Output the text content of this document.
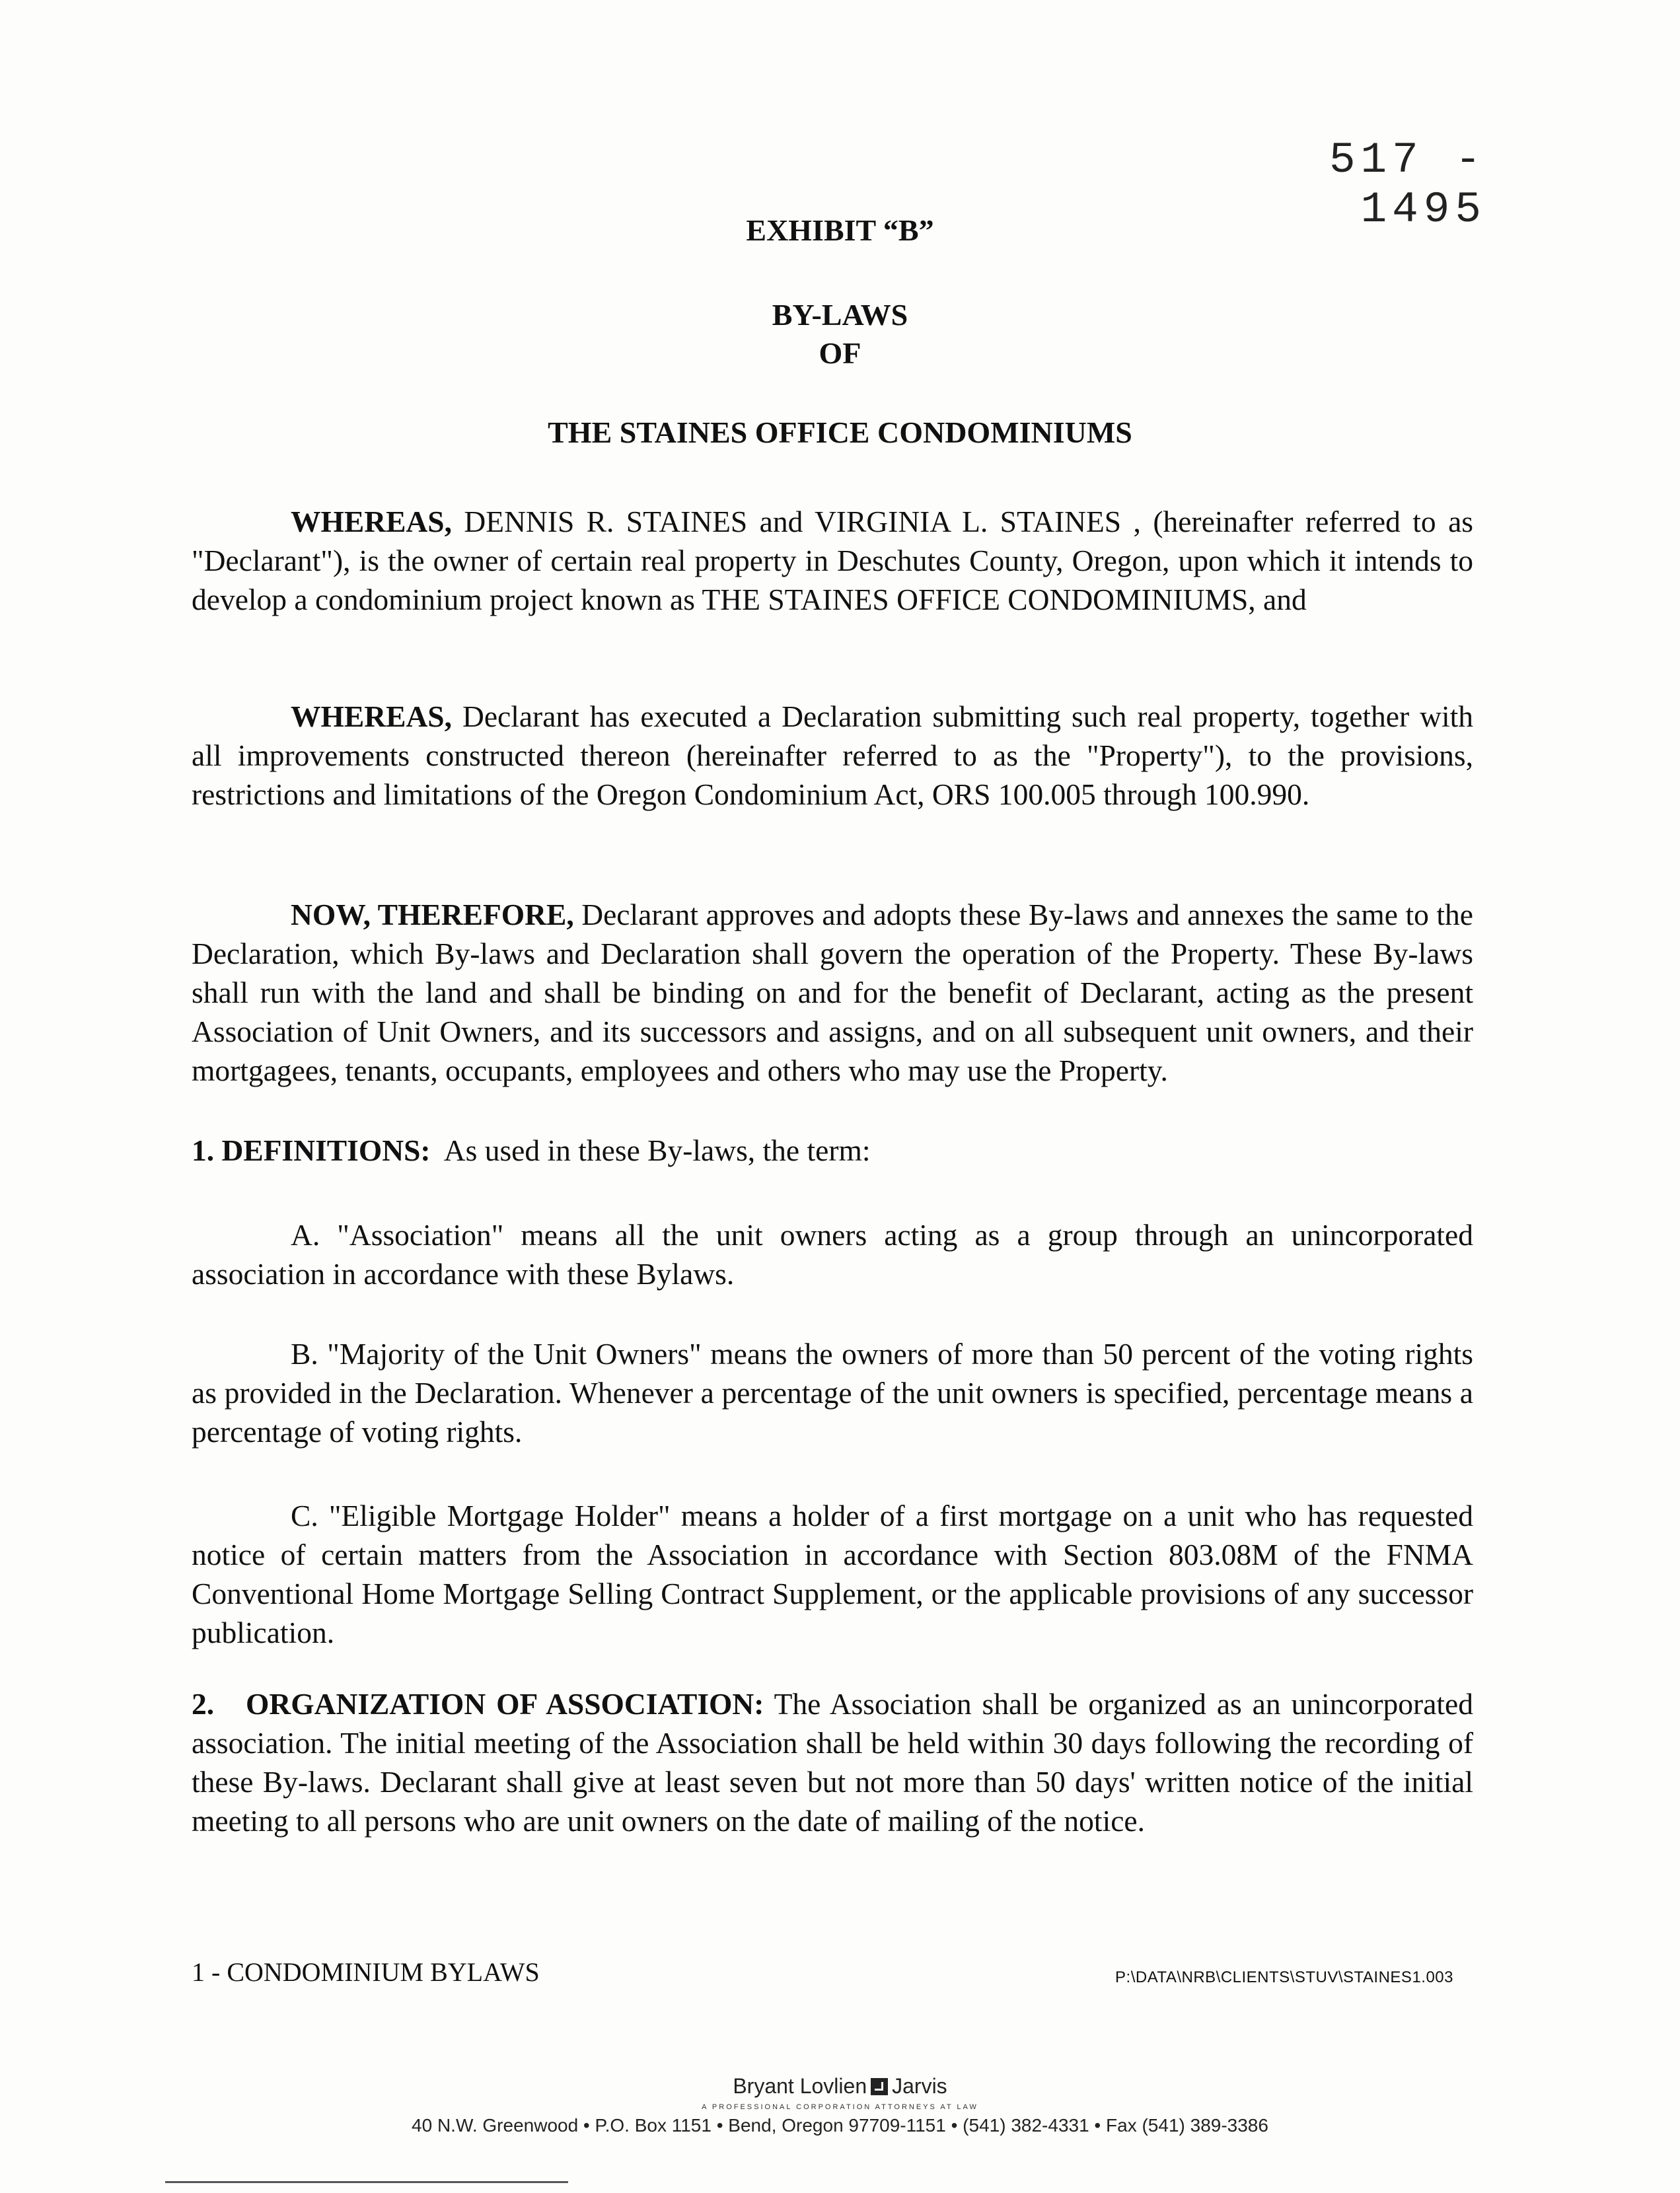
517 - 1495
EXHIBIT “B”
BY-LAWS
OF
THE STAINES OFFICE CONDOMINIUMS
WHEREAS, DENNIS R. STAINES and VIRGINIA L. STAINES , (hereinafter referred to as "Declarant"), is the owner of certain real property in Deschutes County, Oregon, upon which it intends to develop a condominium project known as THE STAINES OFFICE CONDOMINIUMS, and
WHEREAS, Declarant has executed a Declaration submitting such real property, together with all improvements constructed thereon (hereinafter referred to as the "Property"), to the provisions, restrictions and limitations of the Oregon Condominium Act, ORS 100.005 through 100.990.
NOW, THEREFORE, Declarant approves and adopts these By-laws and annexes the same to the Declaration, which By-laws and Declaration shall govern the operation of the Property. These By-laws shall run with the land and shall be binding on and for the benefit of Declarant, acting as the present Association of Unit Owners, and its successors and assigns, and on all subsequent unit owners, and their mortgagees, tenants, occupants, employees and others who may use the Property.
1. DEFINITIONS:  As used in these By-laws, the term:
A. "Association" means all the unit owners acting as a group through an unincorporated association in accordance with these Bylaws.
B. "Majority of the Unit Owners" means the owners of more than 50 percent of the voting rights as provided in the Declaration. Whenever a percentage of the unit owners is specified, percentage means a percentage of voting rights.
C. "Eligible Mortgage Holder" means a holder of a first mortgage on a unit who has requested notice of certain matters from the Association in accordance with Section 803.08M of the FNMA Conventional Home Mortgage Selling Contract Supplement, or the applicable provisions of any successor publication.
2.   ORGANIZATION OF ASSOCIATION: The Association shall be organized as an unincorporated association. The initial meeting of the Association shall be held within 30 days following the recording of these By-laws. Declarant shall give at least seven but not more than 50 days' written notice of the initial meeting to all persons who are unit owners on the date of mailing of the notice.
1 - CONDOMINIUM BYLAWS	P:\DATA\NRB\CLIENTS\STUV\STAINES1.003
Bryant Lovlien Jarvis
A PROFESSIONAL CORPORATION ATTORNEYS AT LAW
40 N.W. Greenwood • P.O. Box 1151 • Bend, Oregon 97709-1151 • (541) 382-4331 • Fax (541) 389-3386
